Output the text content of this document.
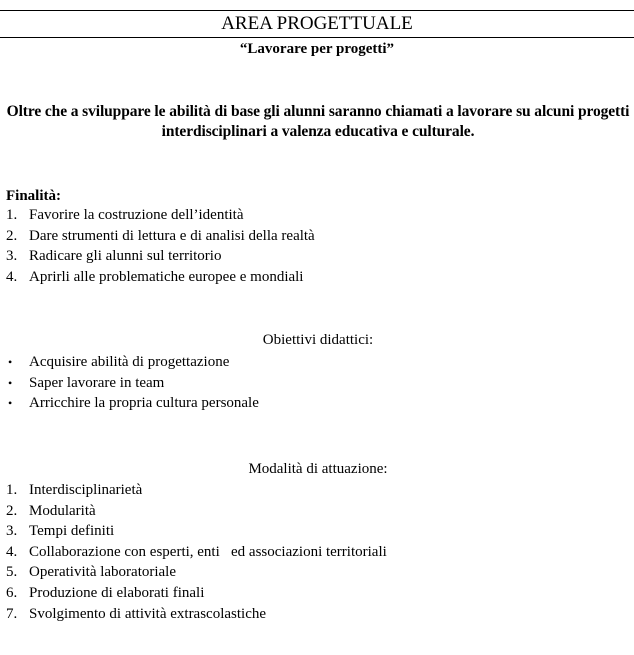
AREA PROGETTUALE
“Lavorare per progetti”
Oltre che a sviluppare le abilità di base gli alunni saranno chiamati a lavorare su alcuni progetti interdisciplinari a valenza educativa e culturale.
Finalità:
1. Favorire la costruzione dell’identità
2. Dare strumenti di lettura e di analisi della realtà
3. Radicare gli alunni sul territorio
4. Aprirli alle problematiche europee e mondiali
Obiettivi didattici:
• Acquisire abilità di progettazione
• Saper lavorare in team
• Arricchire la propria cultura personale
Modalità di attuazione:
1. Interdisciplinarietà
2. Modularità
3. Tempi definiti
4. Collaborazione con esperti, enti   ed associazioni territoriali
5. Operatività laboratoriale
6. Produzione di elaborati finali
7. Svolgimento di attività extrascolastiche
